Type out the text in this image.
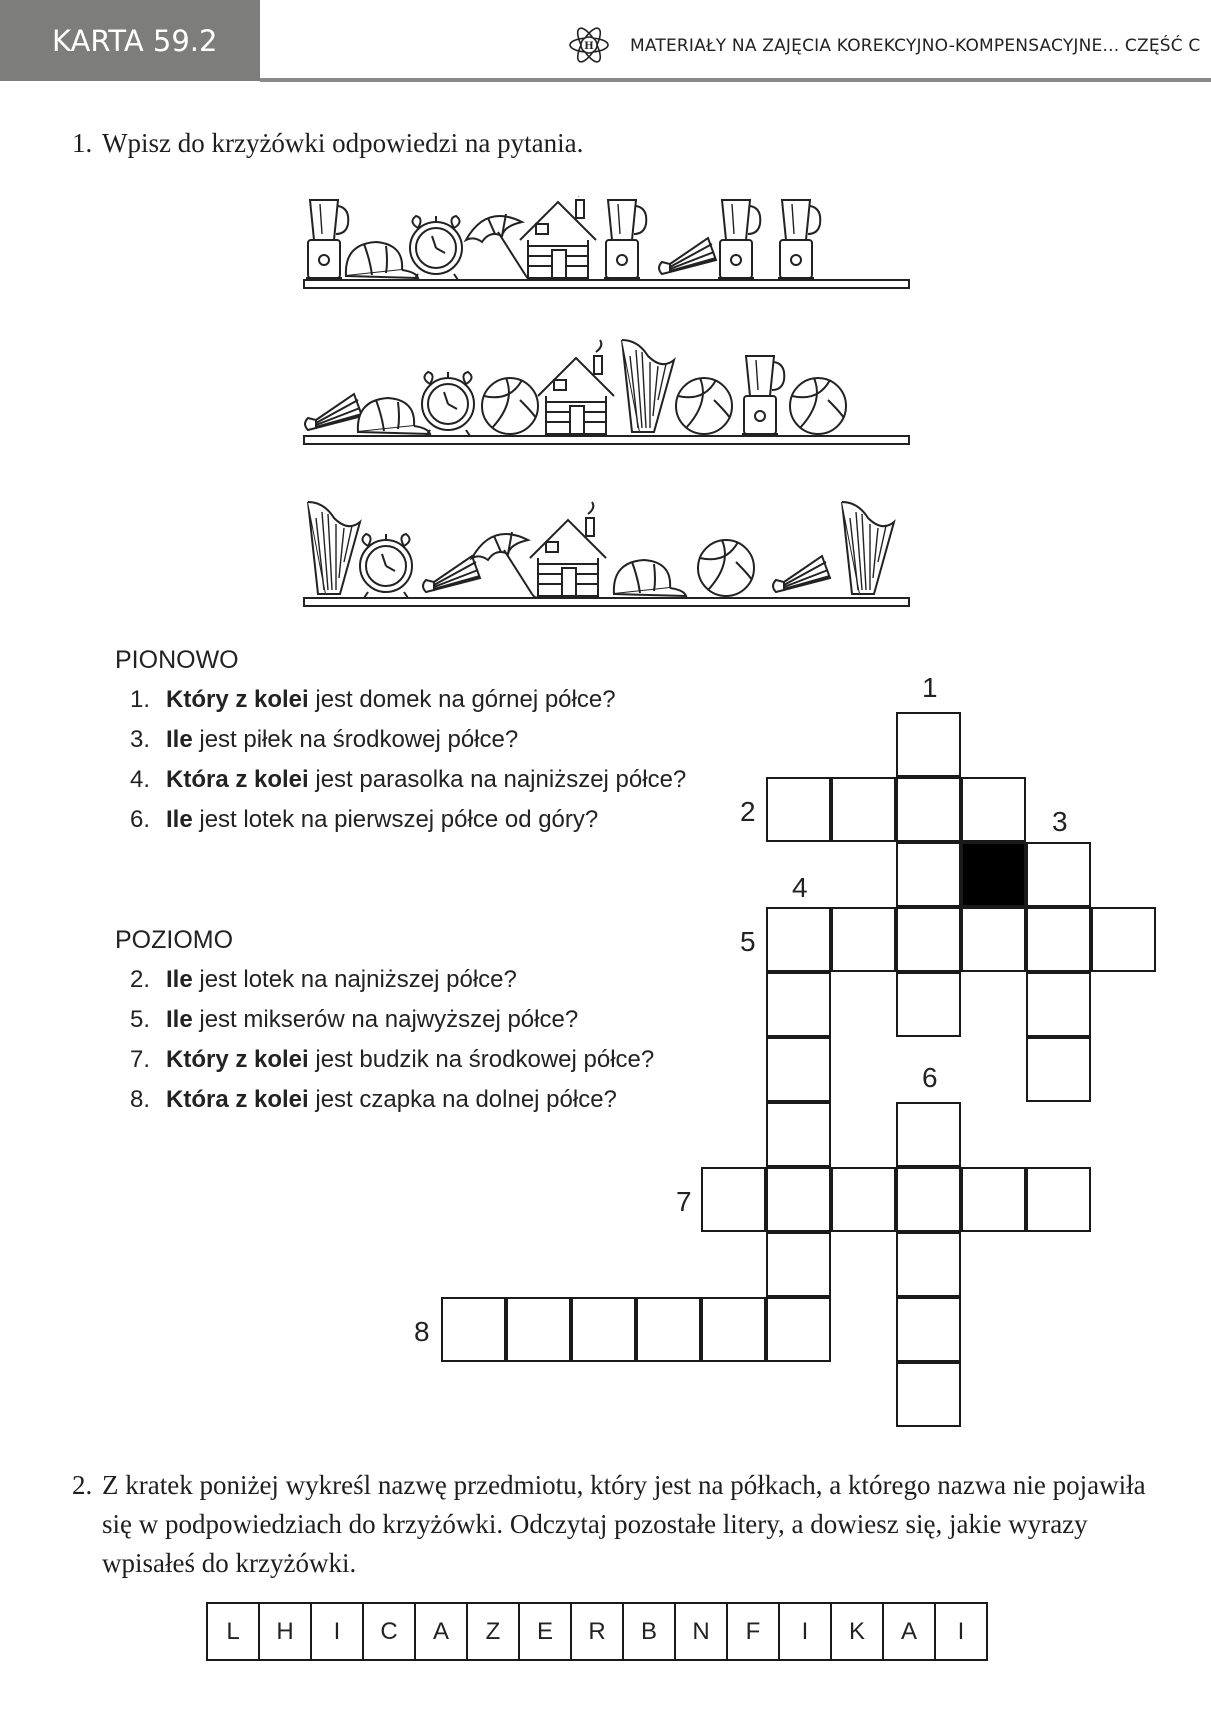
KARTA 59.2	H MATERIAŁY NA ZAJĘCIA KOREKCYJNO-KOMPENSACYJNE... CZĘŚĆ C
1. Wpisz do krzyżówki odpowiedzi na pytania.
PIONOWO
1. Który z kolei jest domek na górnej półce?
3. Ile jest piłek na środkowej półce?
4. Która z kolei jest parasolka na najniższej półce?
6. Ile jest lotek na pierwszej półce od góry?
POZIOMO
2. Ile jest lotek na najniższej półce?
5. Ile jest mikserów na najwyższej półce?
7. Który z kolei jest budzik na środkowej półce?
8. Która z kolei jest czapka na dolnej półce?
1
2	3
4
5
6
7
8
2. Z kratek poniżej wykreśl nazwę przedmiotu, który jest na półkach, a którego nazwa nie pojawiła się w podpowiedziach do krzyżówki. Odczytaj pozostałe litery, a dowiesz się, jakie wyrazy wpisałeś do krzyżówki.
L	H	I	C	A	Z	E	R	B	N	F	I	K	A	I
